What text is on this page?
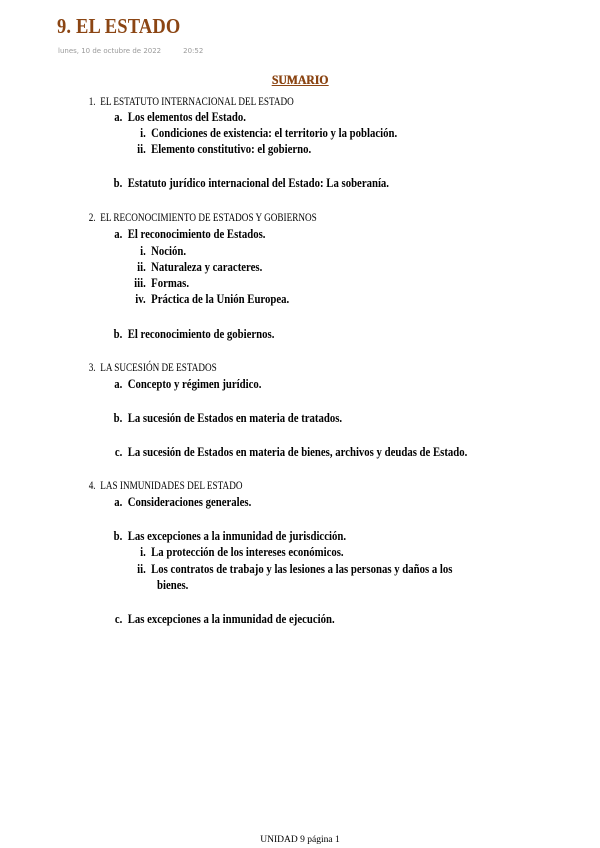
9. EL ESTADO
lunes, 10 de octubre de 2022	20:52
SUMARIO
1. EL ESTATUTO INTERNACIONAL DEL ESTADO
a. Los elementos del Estado.
i. Condiciones de existencia: el territorio y la población.
ii. Elemento constitutivo: el gobierno.
b. Estatuto jurídico internacional del Estado: La soberanía.
2. EL RECONOCIMIENTO DE ESTADOS Y GOBIERNOS
a. El reconocimiento de Estados.
i. Noción.
ii. Naturaleza y caracteres.
iii. Formas.
iv. Práctica de la Unión Europea.
b. El reconocimiento de gobiernos.
3. LA SUCESIÓN DE ESTADOS
a. Concepto y régimen jurídico.
b. La sucesión de Estados en materia de tratados.
c. La sucesión de Estados en materia de bienes, archivos y deudas de Estado.
4. LAS INMUNIDADES DEL ESTADO
a. Consideraciones generales.
b. Las excepciones a la inmunidad de jurisdicción.
i. La protección de los intereses económicos.
ii. Los contratos de trabajo y las lesiones a las personas y daños a los
bienes.
c. Las excepciones a la inmunidad de ejecución.
UNIDAD 9 página 1
